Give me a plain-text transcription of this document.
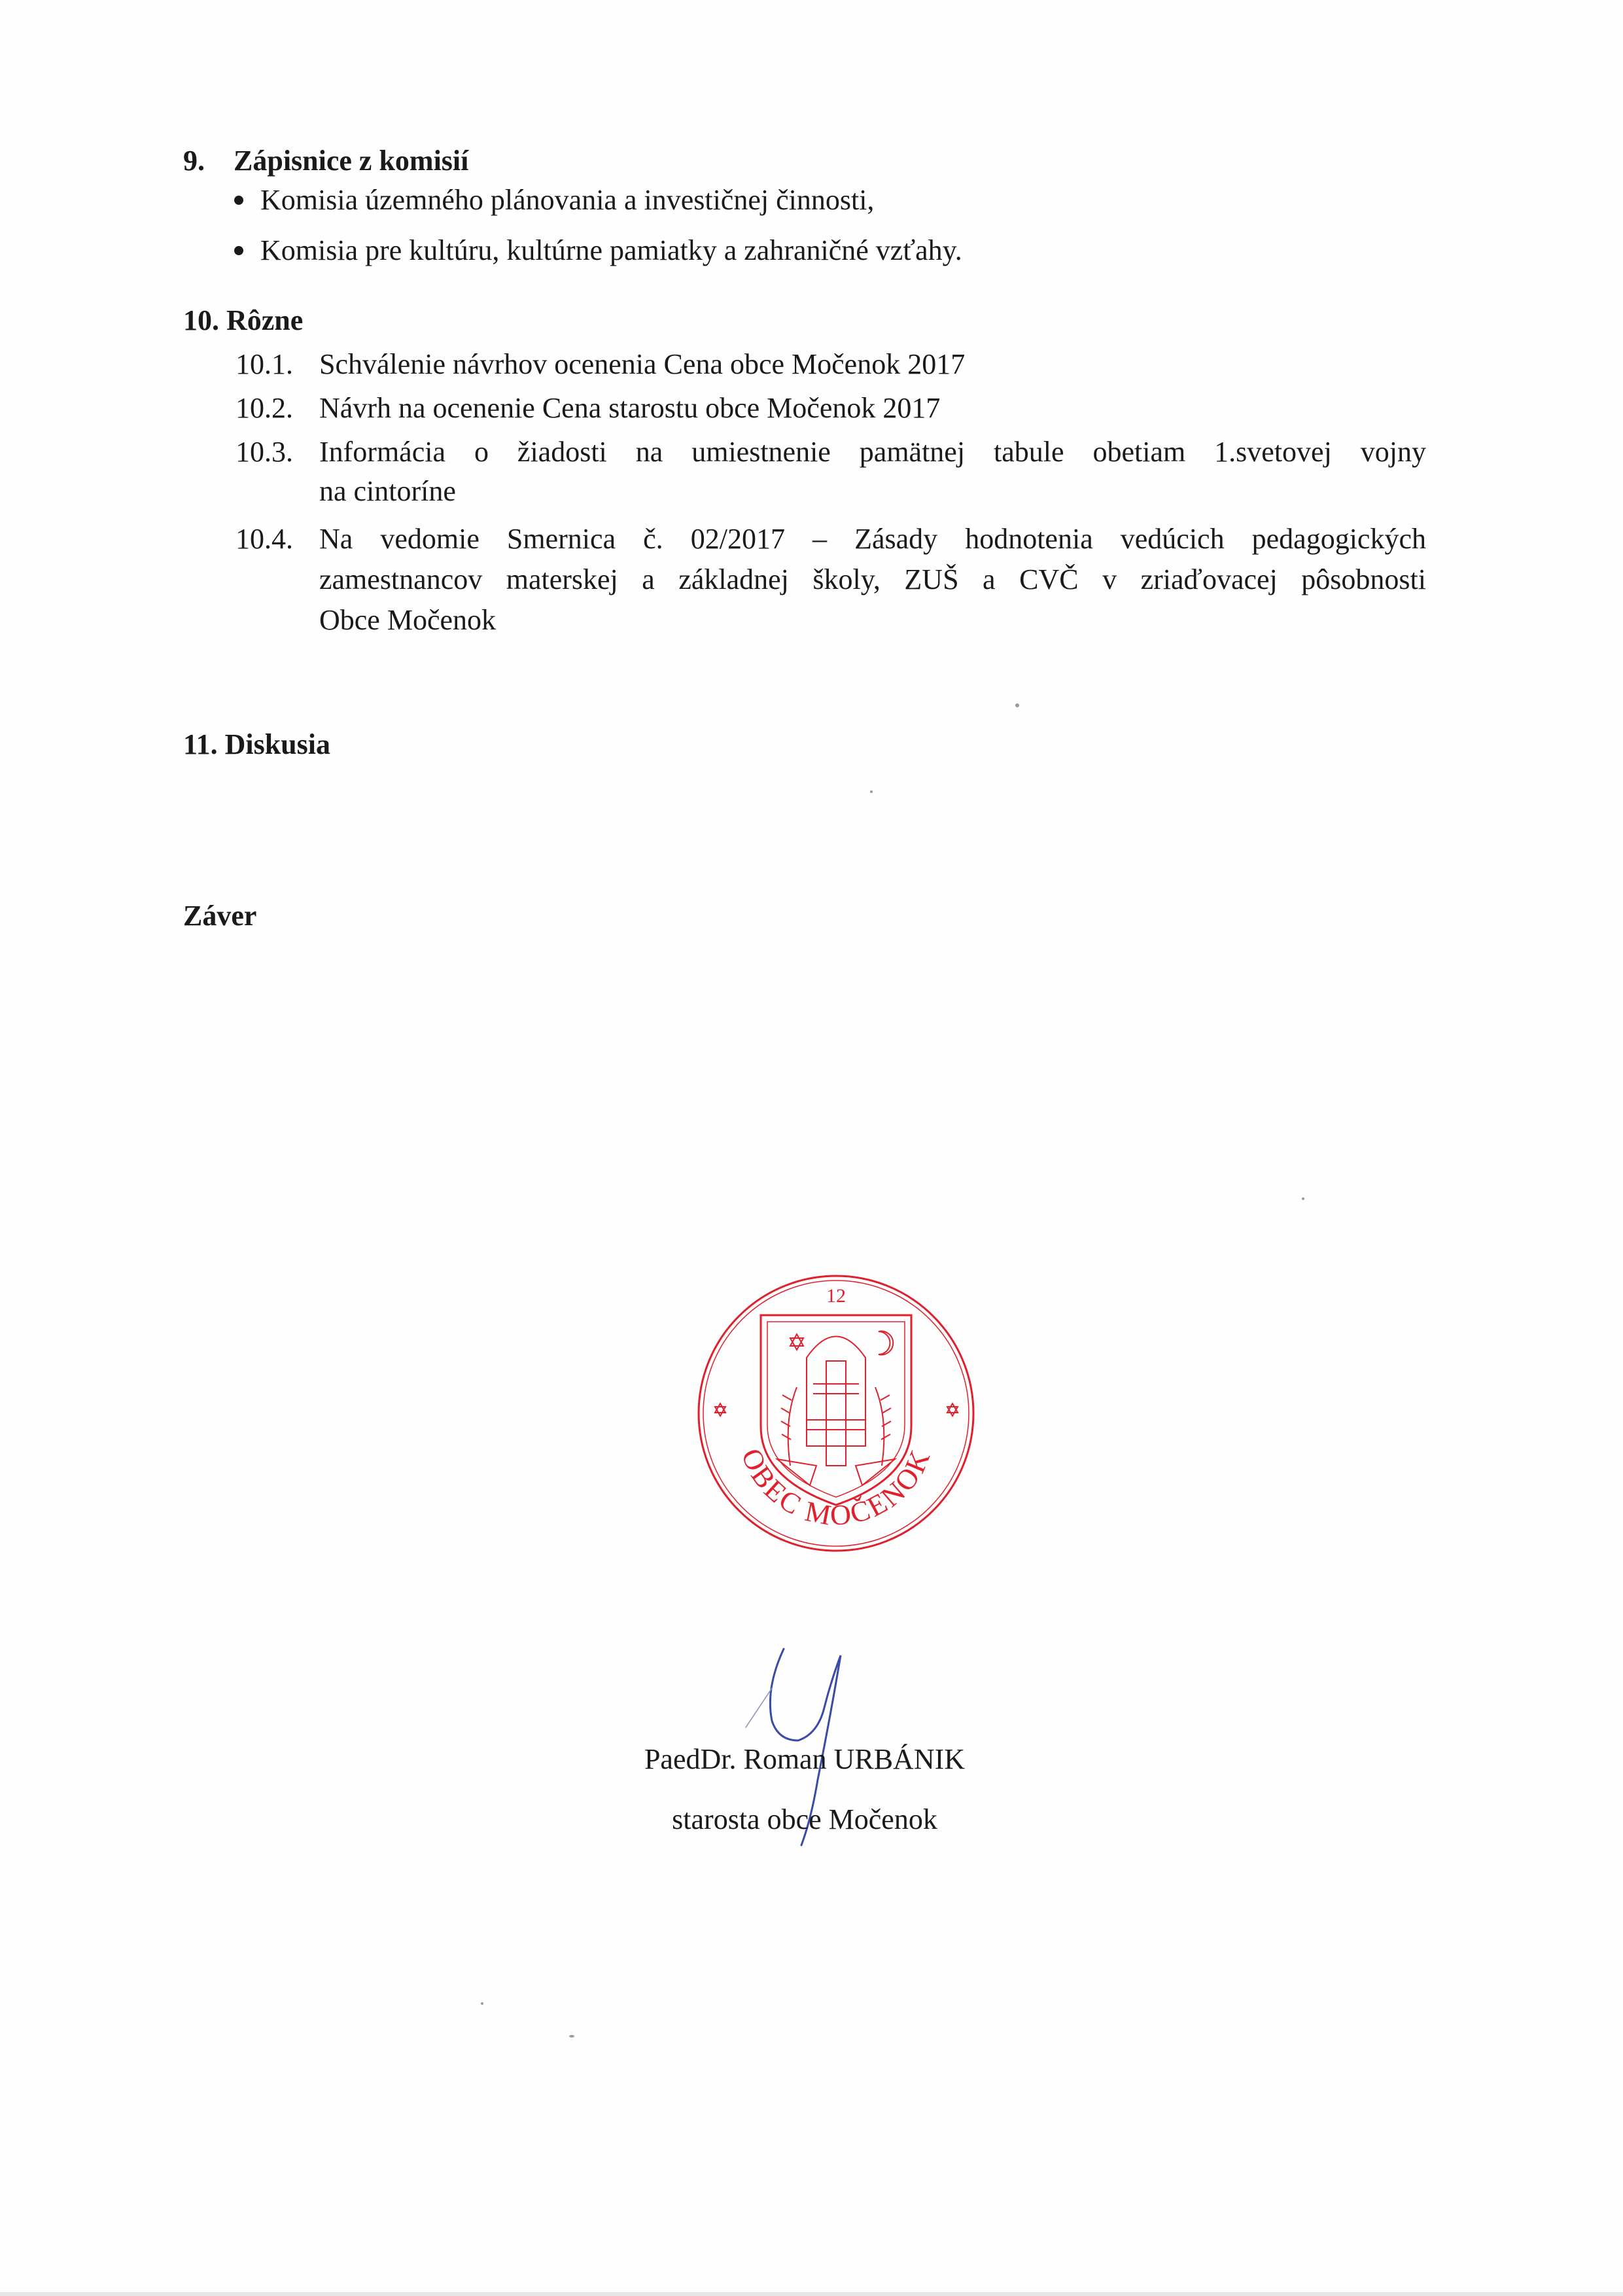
9. Zápisnice z komisií
Komisia územného plánovania a investičnej činnosti,
Komisia pre kultúru, kultúrne pamiatky a zahraničné vzťahy.
10. Rôzne
10.1. Schválenie návrhov ocenenia Cena obce Močenok 2017
10.2. Návrh na ocenenie Cena starostu obce Močenok 2017
10.3. Informácia o žiadosti na umiestnenie pamätnej tabule obetiam 1.svetovej vojny
na cintoríne
10.4. Na vedomie Smernica č. 02/2017 – Zásady hodnotenia vedúcich pedagogických
zamestnancov materskej a základnej školy, ZUŠ a CVČ v zriaďovacej pôsobnosti
Obce Močenok
11. Diskusia
Záver
12
OBEC MOČENOK
PaedDr. Roman URBÁNIK
starosta obce Močenok
